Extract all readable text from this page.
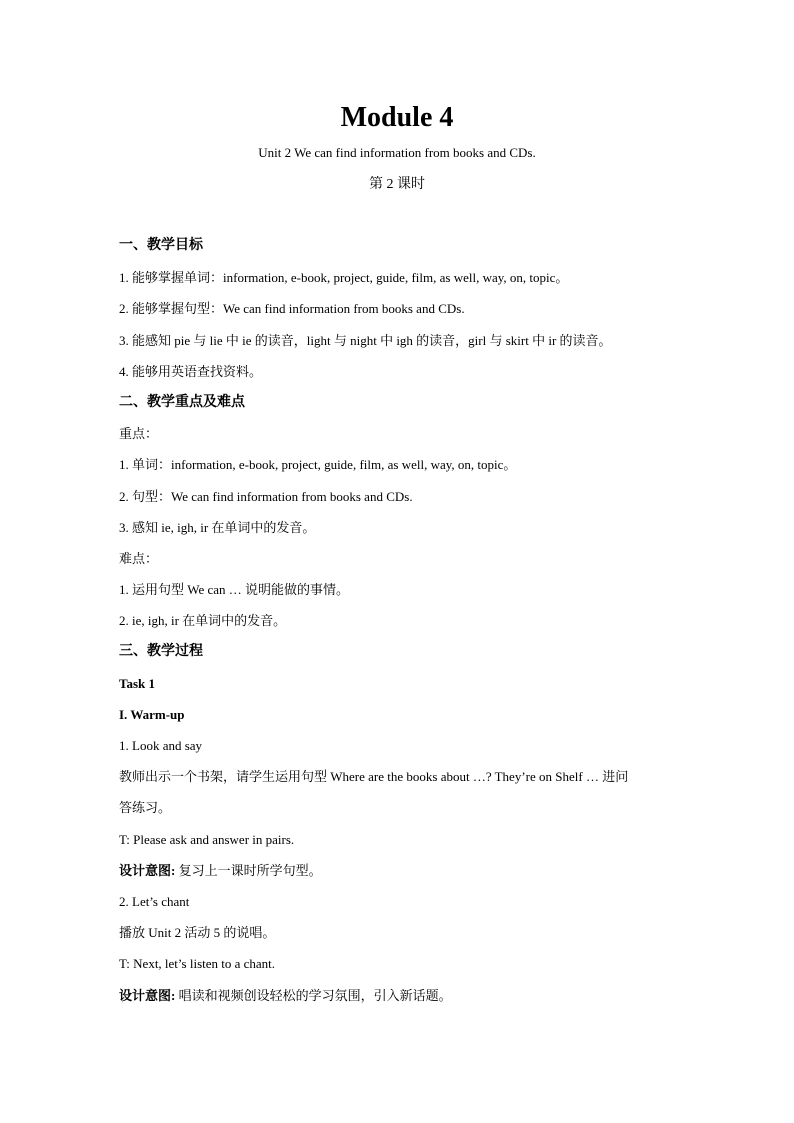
Module 4
Unit 2 We can find information from books and CDs.
第 2 课时
一、教学目标
1. 能够掌握单词：information, e-book, project, guide, film, as well, way, on, topic。
2. 能够掌握句型：We can find information from books and CDs.
3. 能感知 pie 与 lie 中 ie 的读音，light 与 night 中 igh 的读音，girl 与 skirt 中 ir 的读音。
4. 能够用英语查找资料。
二、教学重点及难点
重点：
1. 单词：information, e-book, project, guide, film, as well, way, on, topic。
2. 句型：We can find information from books and CDs.
3. 感知 ie, igh, ir 在单词中的发音。
难点：
1. 运用句型 We can … 说明能做的事情。
2. ie, igh, ir 在单词中的发音。
三、教学过程
Task 1
I. Warm-up
1. Look and say
教师出示一个书架，请学生运用句型 Where are the books about …? They’re on Shelf … 进问
答练习。
T: Please ask and answer in pairs.
设计意图: 复习上一课时所学句型。
2. Let’s chant
播放 Unit 2 活动 5 的说唱。
T: Next, let’s listen to a chant.
设计意图: 唱读和视频创设轻松的学习氛围，引入新话题。
